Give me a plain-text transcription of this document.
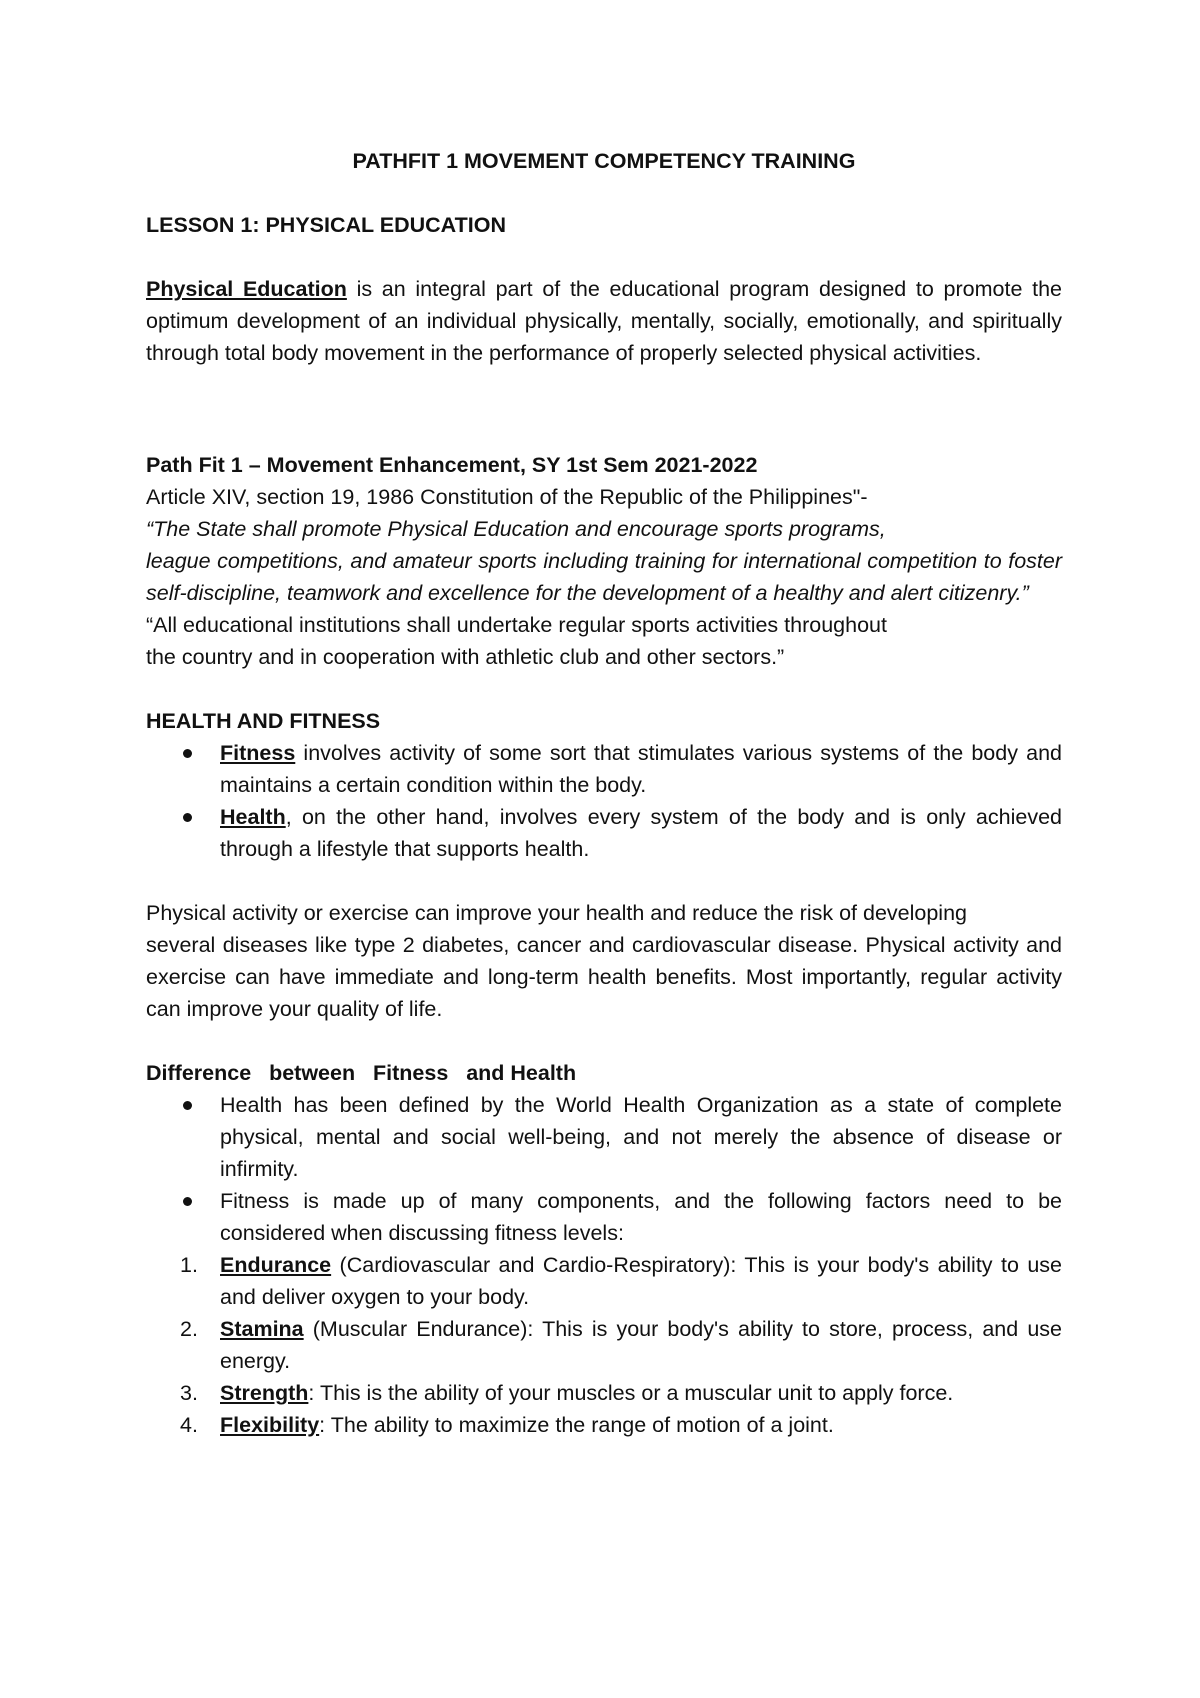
PATHFIT 1 MOVEMENT COMPETENCY TRAINING
LESSON 1: PHYSICAL EDUCATION

Physical Education is an integral part of the educational program designed to promote the optimum development of an individual physically, mentally, socially, emotionally, and spiritually through total body movement in the performance of properly selected physical activities.

Path Fit 1 – Movement Enhancement, SY 1st Sem 2021-2022

Article XIV, section 19, 1986 Constitution of the Republic of the Philippines"-

“The State shall promote Physical Education and encourage sports programs,

league competitions, and amateur sports including training for international competition to foster self-discipline, teamwork and excellence for the development of a healthy and alert citizenry.”

“All educational institutions shall undertake regular sports activities throughout

the country and in cooperation with athletic club and other sectors.”

HEALTH AND FITNESS

Fitness involves activity of some sort that stimulates various systems of the body and maintains a certain condition within the body.
Health, on the other hand, involves every system of the body and is only achieved through a lifestyle that supports health.

Physical activity or exercise can improve your health and reduce the risk of developing

several diseases like type 2 diabetes, cancer and cardiovascular disease. Physical activity and exercise can have immediate and long-term health benefits. Most importantly, regular activity can improve your quality of life.

Difference   between   Fitness   and Health

Health has been defined by the World Health Organization as a state of complete physical, mental and social well-being, and not merely the absence of disease or infirmity.
Fitness is made up of many components, and the following factors need to be considered when discussing fitness levels:
1. Endurance (Cardiovascular and Cardio-Respiratory): This is your body's ability to use and deliver oxygen to your body.
2. Stamina (Muscular Endurance): This is your body's ability to store, process, and use energy.
3. Strength: This is the ability of your muscles or a muscular unit to apply force.
4. Flexibility: The ability to maximize the range of motion of a joint.
